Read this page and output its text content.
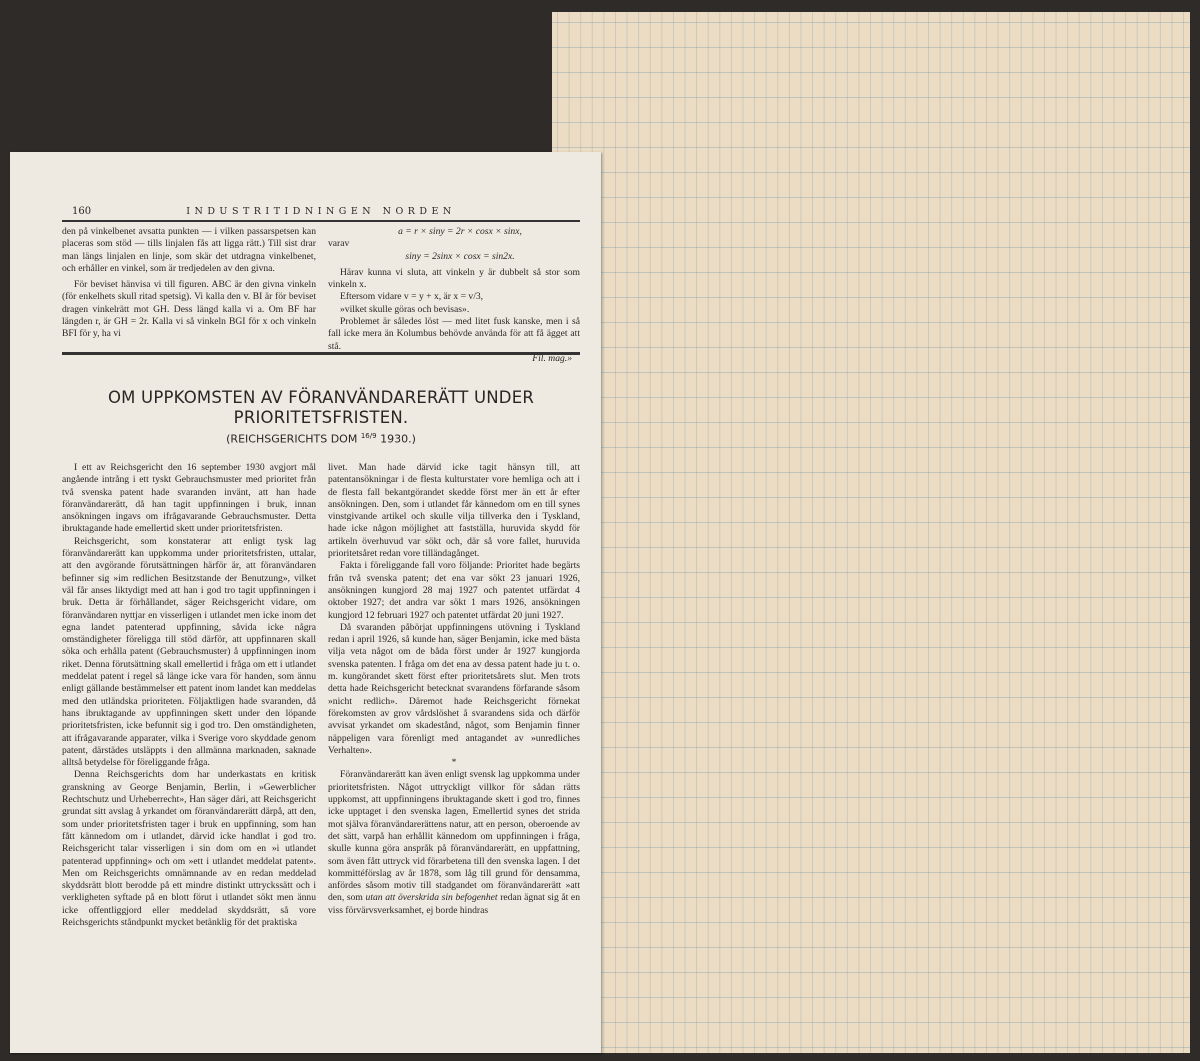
160	INDUSTRITIDNINGEN NORDEN

den på vinkelbenet avsatta punkten — i vilken passarspetsen kan placeras som stöd — tills linjalen fås att ligga rätt.) Till sist drar man längs linjalen en linje, som skär det utdragna vinkelbenet, och erhåller en vinkel, som är tredjedelen av den givna.

För beviset hänvisa vi till figuren. ABC är den givna vinkeln (för enkelhets skull ritad spetsig). Vi kalla den v. BI är för beviset dragen vinkelrätt mot GH. Dess längd kalla vi a. Om BF har längden r, är GH = 2r. Kalla vi så vinkeln BGI för x och vinkeln BFI för y, ha vi

a = r × siny = 2r × cosx × sinx,

varav

siny = 2sinx × cosx = sin2x.

Härav kunna vi sluta, att vinkeln y är dubbelt så stor som vinkeln x.

Eftersom vidare v = y + x, är x = v/3,

»vilket skulle göras och bevisas».

Problemet är således löst — med litet fusk kanske, men i så fall icke mera än Kolumbus behövde använda för att få ägget att stå.

Fil. mag.»

OM UPPKOMSTEN AV FÖRANVÄNDARERÄTT UNDER PRIORITETSFRISTEN.
(REICHSGERICHTS DOM $^{16/9}$ 1930.)

I ett av Reichsgericht den 16 september 1930 avgjort mål angående intrång i ett tyskt Gebrauchsmuster med prioritet från två svenska patent hade svaranden invänt, att han hade föranvändarerätt, då han tagit uppfinningen i bruk, innan ansökningen ingavs om ifrågavarande Gebrauchsmuster. Detta ibruktagande hade emellertid skett under prioritetsfristen.

Reichsgericht, som konstaterar att enligt tysk lag föranvändarerätt kan uppkomma under prioritetsfristen, uttalar, att den avgörande förutsättningen härför är, att föranvändaren befinner sig »im redlichen Besitzstande der Benutzung», vilket väl får anses liktydigt med att han i god tro tagit uppfinningen i bruk. Detta är förhållandet, säger Reichsgericht vidare, om föranvändaren nyttjar en visserligen i utlandet men icke inom det egna landet patenterad uppfinning, såvida icke några omständigheter föreligga till stöd därför, att uppfinnaren skall söka och erhålla patent (Gebrauchsmuster) å uppfinningen inom riket. Denna förutsättning skall emellertid i fråga om ett i utlandet meddelat patent i regel så länge icke vara för handen, som ännu enligt gällande bestämmelser ett patent inom landet kan meddelas med den utländska prioriteten. Följaktligen hade svaranden, då hans ibruktagande av uppfinningen skett under den löpande prioritetsfristen, icke befunnit sig i god tro. Den omständigheten, att ifrågavarande apparater, vilka i Sverige voro skyddade genom patent, därstädes utsläppts i den allmänna marknaden, saknade alltså betydelse för föreliggande fråga.

Denna Reichsgerichts dom har underkastats en kritisk granskning av George Benjamin, Berlin, i »Gewerblicher Rechtschutz und Urheberrecht», Han säger däri, att Reichsgericht grundat sitt avslag å yrkandet om föranvändarerätt därpå, att den, som under prioritetsfristen tager i bruk en uppfinning, som han fått kännedom om i utlandet, därvid icke handlat i god tro. Reichsgericht talar visserligen i sin dom om en »i utlandet patenterad uppfinning» och om »ett i utlandet meddelat patent». Men om Reichsgerichts omnämnande av en redan meddelad skyddsrätt blott berodde på ett mindre distinkt uttryckssätt och i verkligheten syftade på en blott förut i utlandet sökt men ännu icke offentliggjord eller meddelad skyddsrätt, så vore Reichsgerichts ståndpunkt mycket betänklig för det praktiska

livet. Man hade därvid icke tagit hänsyn till, att patentansökningar i de flesta kulturstater vore hemliga och att i de flesta fall bekantgörandet skedde först mer än ett år efter ansökningen. Den, som i utlandet får kännedom om en till synes vinstgivande artikel och skulle vilja tillverka den i Tyskland, hade icke någon möjlighet att fastställa, huruvida skydd för artikeln överhuvud var sökt och, där så vore fallet, huruvida prioritetsåret redan vore tilländagånget.

Fakta i föreliggande fall voro följande: Prioritet hade begärts från två svenska patent; det ena var sökt 23 januari 1926, ansökningen kungjord 28 maj 1927 och patentet utfärdat 4 oktober 1927; det andra var sökt 1 mars 1926, ansökningen kungjord 12 februari 1927 och patentet utfärdat 20 juni 1927.

Då svaranden påbörjat uppfinningens utövning i Tyskland redan i april 1926, så kunde han, säger Benjamin, icke med bästa vilja veta något om de båda först under år 1927 kungjorda svenska patenten. I fråga om det ena av dessa patent hade ju t. o. m. kungörandet skett först efter prioritetsårets slut. Men trots detta hade Reichsgericht betecknat svarandens förfarande såsom »nicht redlich». Däremot hade Reichsgericht förnekat förekomsten av grov vårdslöshet å svarandens sida och därför avvisat yrkandet om skadestånd, något, som Benjamin finner näppeligen vara förenligt med antagandet av »unredliches Verhalten».

*

Föranvändarerätt kan även enligt svensk lag uppkomma under prioritetsfristen. Något uttryckligt villkor för sådan rätts uppkomst, att uppfinningens ibruktagande skett i god tro, finnes icke upptaget i den svenska lagen, Emellertid synes det strida mot själva föranvändarerättens natur, att en person, oberoende av det sätt, varpå han erhållit kännedom om uppfinningen i fråga, skulle kunna göra anspråk på föranvändarerätt, en uppfattning, som även fått uttryck vid förarbetena till den svenska lagen. I det kommittéförslag av år 1878, som låg till grund för densamma, anfördes såsom motiv till stadgandet om föranvändarerätt »att den, som utan att överskrida sin befogenhet redan ägnat sig åt en viss förvärvsverksamhet, ej borde hindras
